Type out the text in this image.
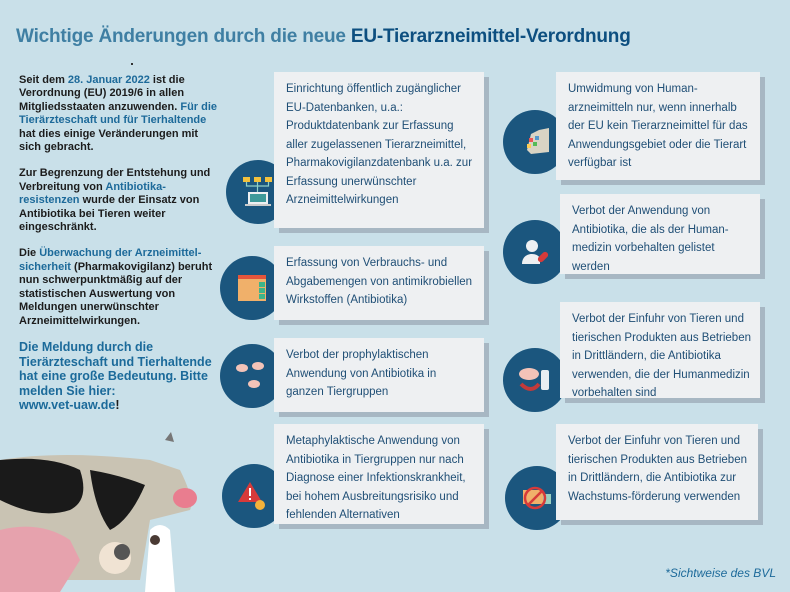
Wichtige Änderungen durch die neue EU-Tierarzneimittel-Verordnung

Seit dem 28. Januar 2022 ist die Verordnung (EU) 2019/6 in allen Mitgliedsstaaten anzuwenden. Für die Tierärzteschaft und für Tierhaltende hat dies einige Veränderungen mit sich gebracht.

Zur Begrenzung der Entstehung und Verbreitung von Antibiotika-resistenzen wurde der Einsatz von Antibiotika bei Tieren weiter eingeschränkt.

Die Überwachung der Arzneimittel-sicherheit (Pharmakovigilanz) beruht nun schwerpunktmäßig auf der statistischen Auswertung von Meldungen unerwünschter Arzneimittelwirkungen.

Die Meldung durch die Tierärzteschaft und Tierhaltende hat eine große Bedeutung. Bitte melden Sie hier:
www.vet-uaw.de!
Einrichtung öffentlich zugänglicher EU-Datenbanken, u.a.: Produktdatenbank zur Erfassung aller zugelassenen Tierarzneimittel, Pharmakovigilanzdatenbank u.a. zur Erfassung unerwünschter Arzneimittelwirkungen
Erfassung von Verbrauchs- und Abgabemengen von antimikrobiellen Wirkstoffen (Antibiotika)
Verbot der prophylaktischen Anwendung von Antibiotika in ganzen Tiergruppen
Metaphylaktische Anwendung von Antibiotika in Tiergruppen nur nach Diagnose einer Infektionskrankheit, bei hohem Ausbreitungsrisiko und fehlenden Alternativen
Umwidmung von Human-arzneimitteln nur, wenn innerhalb der EU kein Tierarzneimittel für das Anwendungsgebiet oder die Tierart verfügbar ist
Verbot der Anwendung von Antibiotika, die als der Human-medizin vorbehalten gelistet werden
Verbot der Einfuhr von Tieren und tierischen Produkten aus Betrieben in Drittländern, die Antibiotika verwenden, die der Humanmedizin vorbehalten sind
Verbot der Einfuhr von Tieren und tierischen Produkten aus Betrieben in Drittländern, die Antibiotika zur Wachstums-förderung verwenden
*Sichtweise des BVL
